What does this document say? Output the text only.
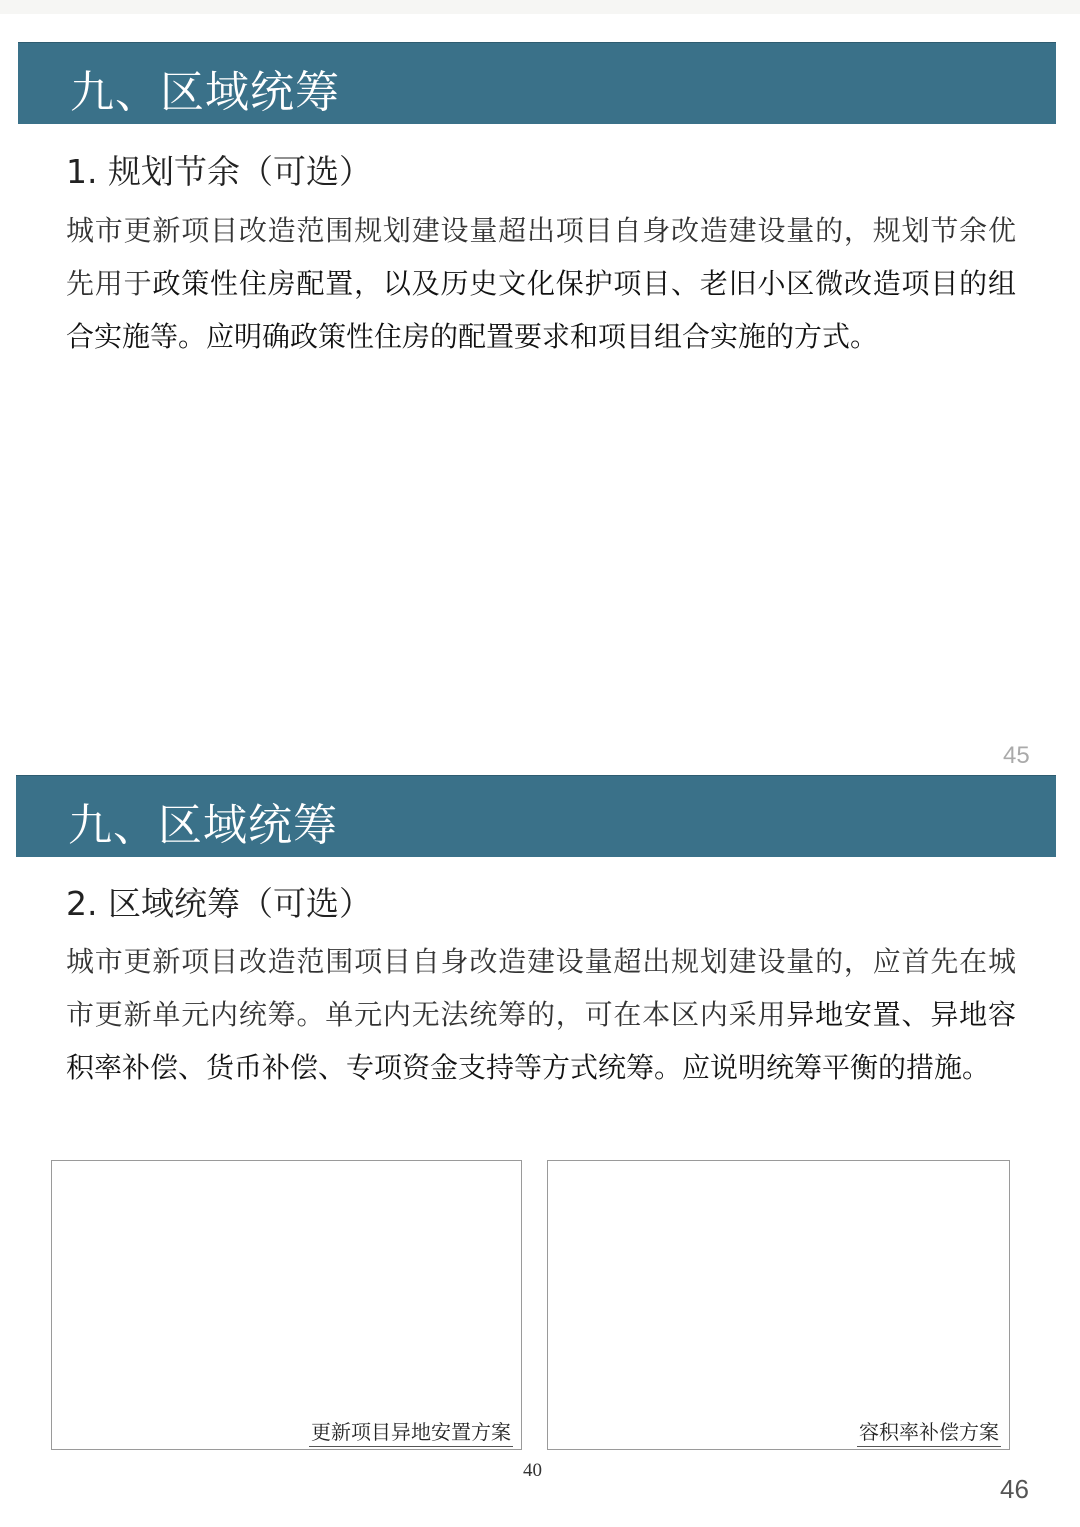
九、区域统筹
1. 规划节余（可选）
城市更新项目改造范围规划建设量超出项目自身改造建设量的，规划节余优先用于政策性住房配置，以及历史文化保护项目、老旧小区微改造项目的组合实施等。应明确政策性住房的配置要求和项目组合实施的方式。
45
九、区域统筹
2. 区域统筹（可选）
城市更新项目改造范围项目自身改造建设量超出规划建设量的，应首先在城市更新单元内统筹。单元内无法统筹的，可在本区内采用异地安置、异地容积率补偿、货币补偿、专项资金支持等方式统筹。应说明统筹平衡的措施。
更新项目异地安置方案	容积率补偿方案
40
46
